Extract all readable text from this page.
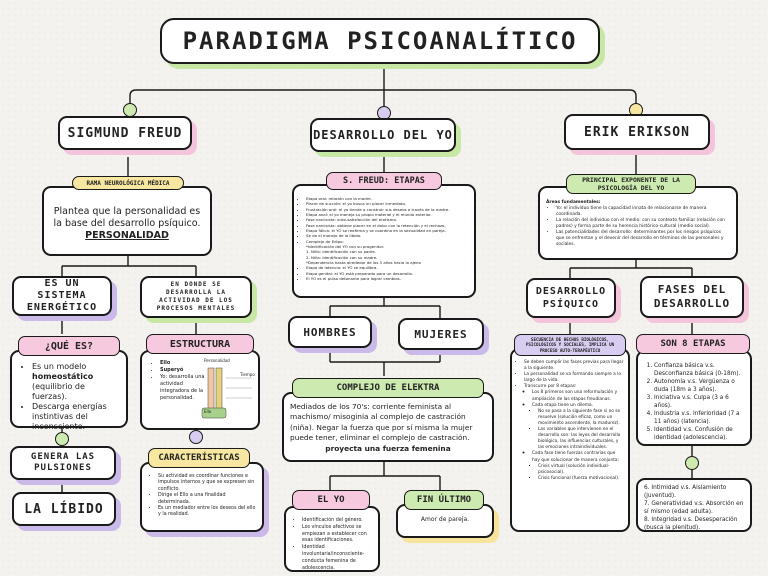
PARADIGMA PSICOANALÍTICO
SIGMUND FREUD
RAMA NEUROLÓGICA MÉDICA
Plantea que la personalidad es la base del desarrollo psíquico.
PERSONALIDAD
ES UN SISTEMA ENERGÉTICO
EN DONDE SE DESARROLLA LA ACTIVIDAD DE LOS PROCESOS MENTALES
¿QUÉ ES?
• Es un modelo homeostático (equilibrio de fuerzas).
• Descarga energías instintivas del inconsciente.
ESTRUCTURA
• Ello
• Superyó
• Yo: desarrolla una actividad integradora de la personalidad.
Personalidad
Tiempo
Ello
GENERA LAS PULSIONES
LA LÍBIDO
CARACTERÍSTICAS
• Su actividad es coordinar funciones e impulsos internos y que se expresen sin conflicto.
• Dirige el Ello a una finalidad determinada.
• Es un mediador entre los deseos del ello y la realidad.
DESARROLLO DEL YO
S. FREUD: ETAPAS
• Etapa oral: relación con la madre.
• Placer de succión: el yo busca un placer inmediato.
• Frustración oral: el yo tiende a construir sus deseos a través de la madre.
• Etapa anal: el yo maneja su propio material y el mundo exterior.
• Fase narcisista: auto-satisfacción del erotismo.
• Fase narcisista: obtiene placer en el dolor con la retención y el rechazo.
• Etapa fálica: el YO se reafirma y se coordina en la sexualidad en pareja.
• Se da el manejo de la libido.
• Complejo de Edipo:
*Identificación del YO con su progenitor.
1. Niño: identificación con su padre.
2. Niña: identificación con su madre.
*Dependencia hasta alrededor de los 5 años hacia lo ajeno
• Etapa de latencia: el YO se equilibra.
• Etapa genital: el YO está preparado para un desarrollo.
• El YO es el pulso detonante para lograr cambios.
HOMBRES	MUJERES
COMPLEJO DE ELEKTRA
Mediados de los 70's: corriente feminista al machismo/ misoginia al complejo de castración (niña). Negar la fuerza que por sí misma la mujer puede tener, eliminar el complejo de castración.
proyecta una fuerza femenina
EL YO
• Identificación del género.
• Los vínculos afectivos se empiezan a establecer con esas identificaciones.
• Identidad involuntaria/inconsciente-conducta femenina de adolescencia.
FIN ÚLTIMO
Amor de pareja.
ERIK ERIKSON
PRINCIPAL EXPONENTE DE LA PSICOLOGÍA DEL YO
Áreas fundamentales:
• Yo: el individuo tiene la capacidad innata de relacionarse de manera coordinada.
• La relación del individuo con el medio: con su contexto familiar (relación con padres) y forma parte de su herencia histórico-cultural (medio social).
• Las potencialidades del desarrollo: determinantes por los riesgos psíquicos que se enfrentan y el devenir del desarrollo en términos de las personales y sociales.
DESARROLLO PSÍQUICO
FASES DEL DESARROLLO
SECUENCIA DE HECHOS BIOLÓGICOS, PSICOLÓGICOS Y SOCIALES, IMPLICA UN PROCESO AUTO-TERAPÉUTICO
• Se deben cumplir las fases previas para llegar a la siguiente.
• La personalidad se va formando siempre a lo largo de la vida.
• Transcurre por 8 etapas:
◦ Los 8 primeros son una reformulación y ampliación de las etapas freudianas.
◦ Cada etapa tiene un dilema.
▪ No se pasa a la siguiente fase si no se resuelve (solución eficaz, como un movimiento ascendente, la madurez).
▪ Las variables que intervienen en el desarrollo son: las leyes del desarrollo biológico, las influencias culturales, y las emociones intraindividuales.
◦ Cada fase tiene fuerzas contrarias que hay que solucionar de manera conjunta:
▪ Crisis virtual (solución individual-psicosocial).
▪ Crisis funcional (fuerza motivacional).
SON 8 ETAPAS
1. Confianza básica v.s. Desconfianza básica (0-18m).
2. Autonomía v.s. Vergüenza o duda (18m a 3 años).
3. Iniciativa v.s. Culpa (3 a 6 años).
4. Industria v.s. Inferioridad (7 a 11 años) (latencia).
5. Identidad v.s. Confusión de identidad (adolescencia).
6. Intimidad v.s. Aislamiento (juventud).
7. Generatividad v.s. Absorción en sí mismo (edad adulta).
8. Integridad v.s. Desesperación (busca la plenitud).
